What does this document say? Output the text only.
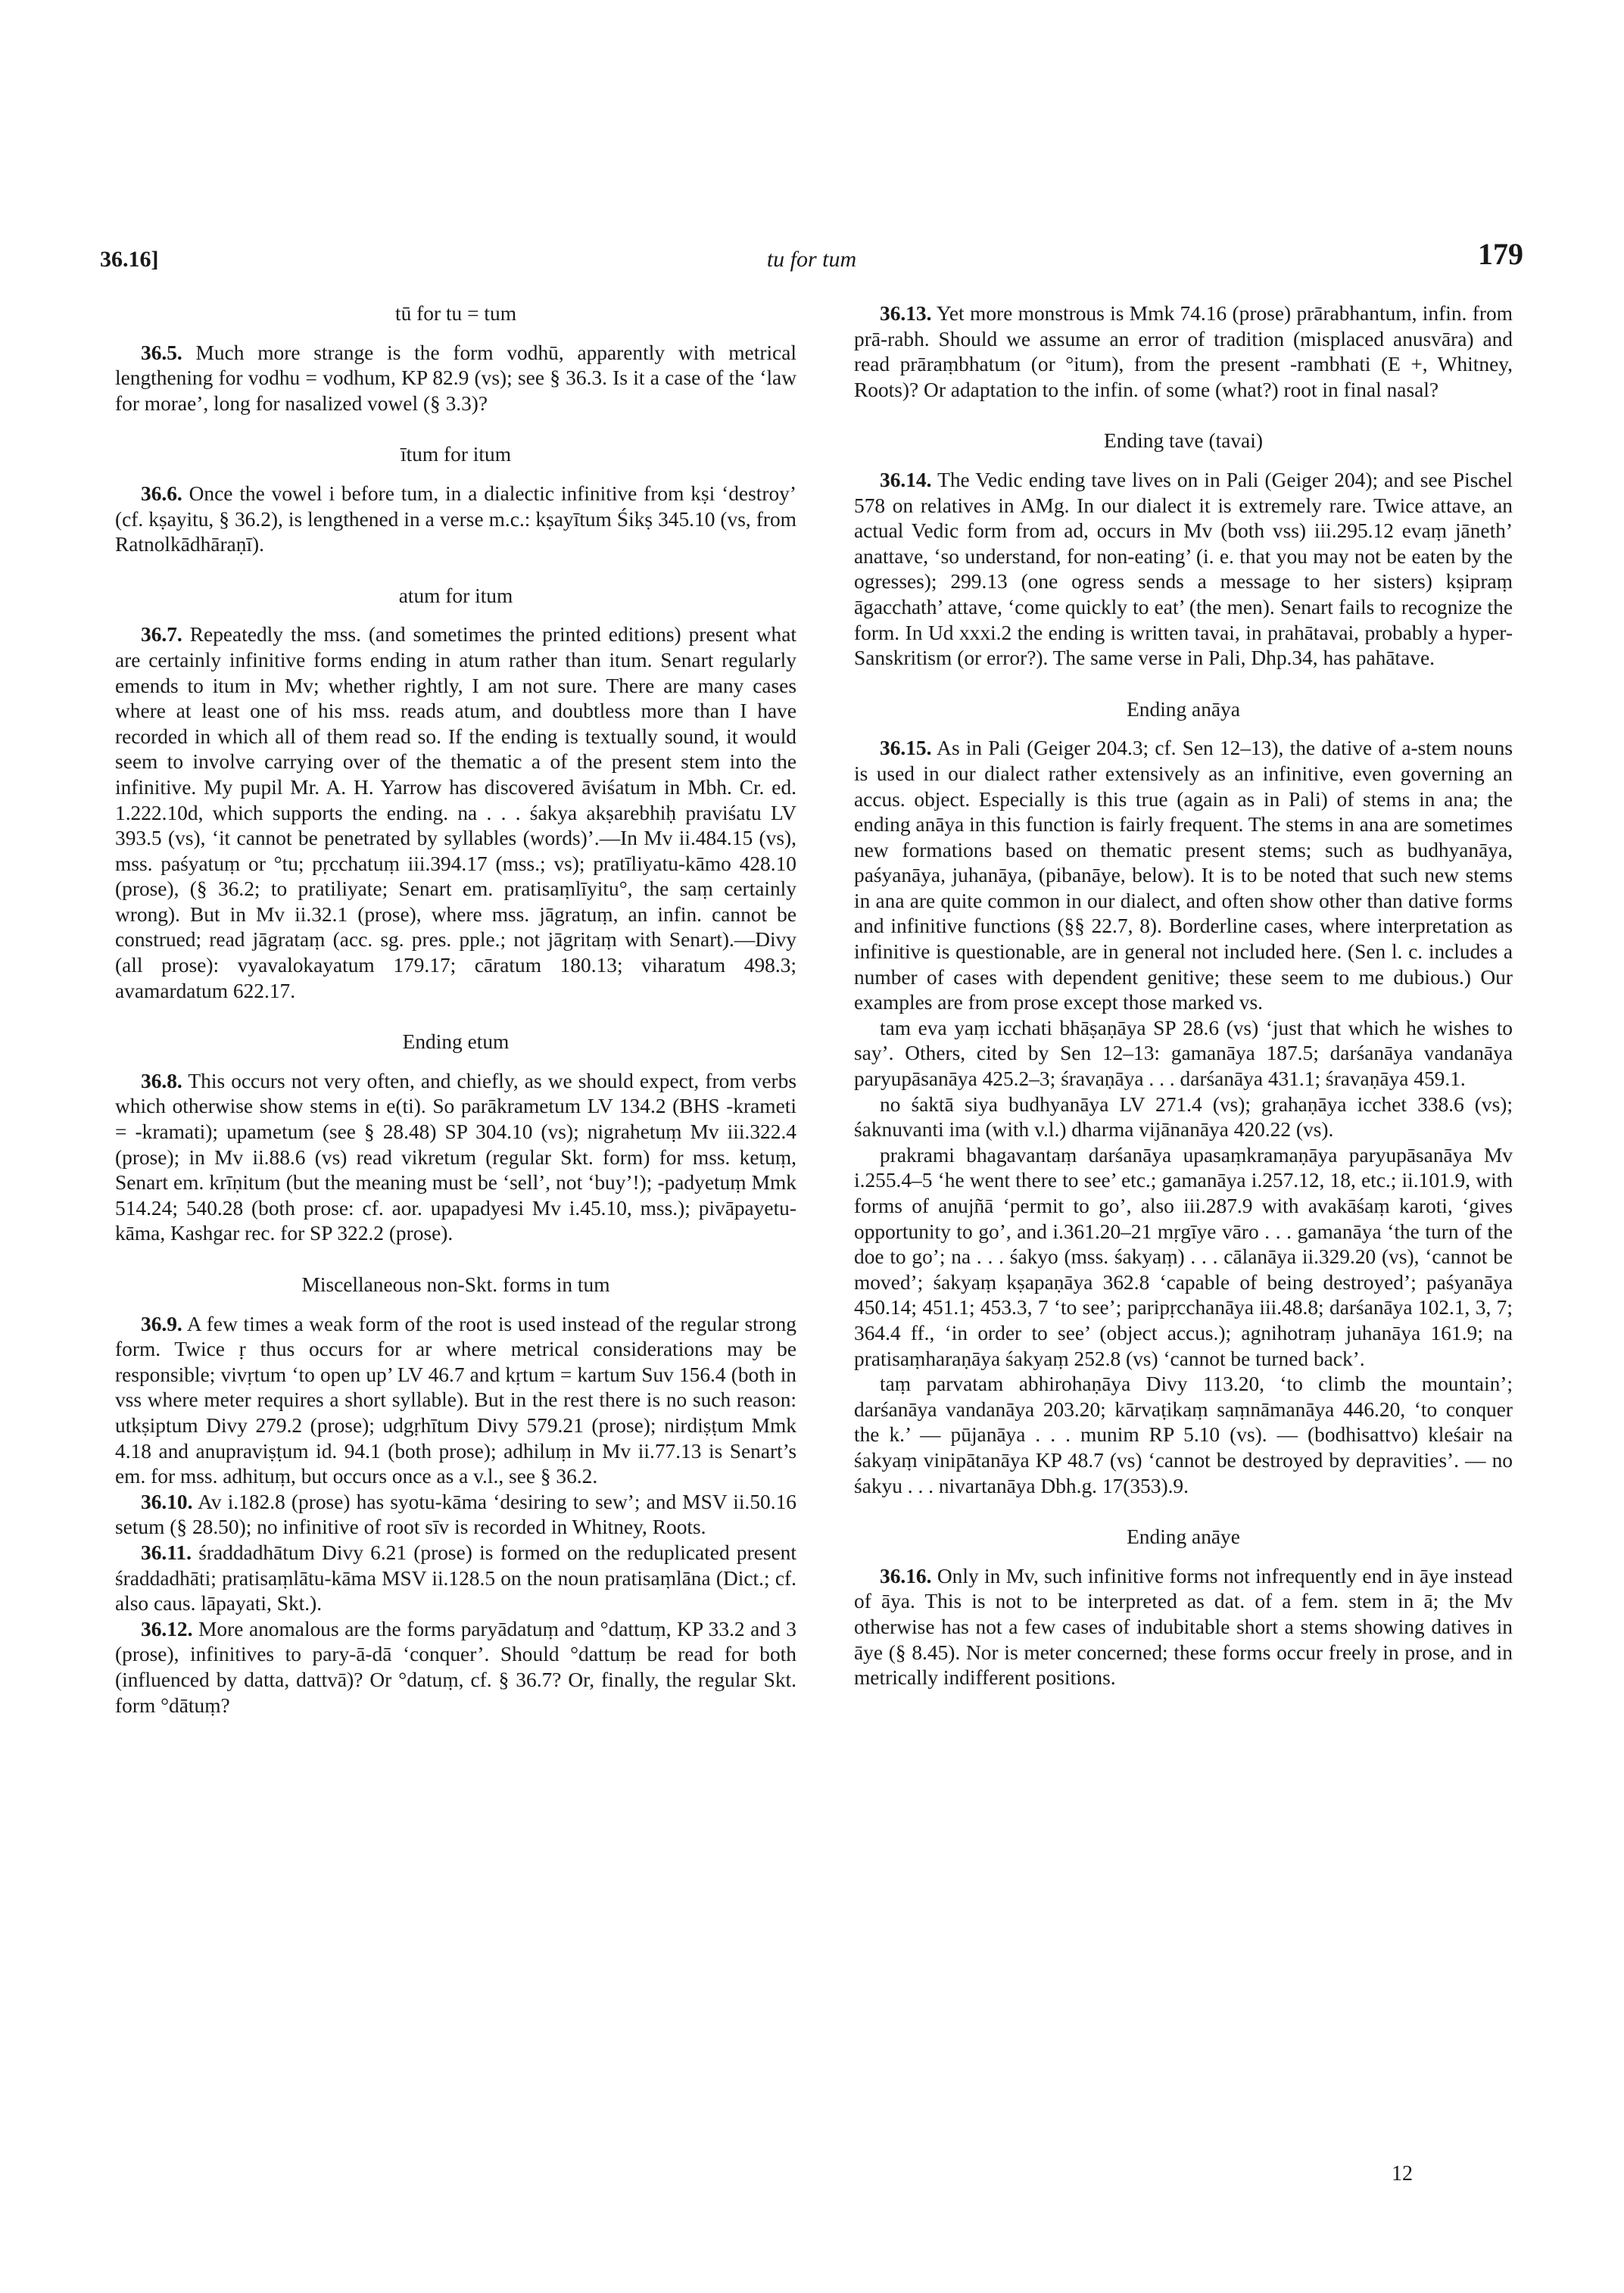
36.16]	tu for tum	179
tū for tu = tum

36.5. Much more strange is the form vodhū, apparently with metrical lengthening for vodhu = vodhum, KP 82.9 (vs); see § 36.3. Is it a case of the ‘law for morae’, long for nasalized vowel (§ 3.3)?

ītum for itum

36.6. Once the vowel i before tum, in a dialectic infinitive from kṣi ‘destroy’ (cf. kṣayitu, § 36.2), is lengthened in a verse m.c.: kṣayītum Śikṣ 345.10 (vs, from Ratnolkādhāraṇī).

atum for itum

36.7. Repeatedly the mss. (and sometimes the printed editions) present what are certainly infinitive forms ending in atum rather than itum. Senart regularly emends to itum in Mv; whether rightly, I am not sure. There are many cases where at least one of his mss. reads atum, and doubtless more than I have recorded in which all of them read so. If the ending is textually sound, it would seem to involve carrying over of the thematic a of the present stem into the infinitive. My pupil Mr. A. H. Yarrow has discovered āviśatum in Mbh. Cr. ed. 1.222.10d, which supports the ending. na . . . śakya akṣarebhiḥ praviśatu LV 393.5 (vs), ‘it cannot be penetrated by syllables (words)’.—In Mv ii.484.15 (vs), mss. paśyatuṃ or °tu; pṛcchatuṃ iii.394.17 (mss.; vs); pratīliyatu-kāmo 428.10 (prose), (§ 36.2; to pratiliyate; Senart em. pratisaṃlīyitu°, the saṃ certainly wrong). But in Mv ii.32.1 (prose), where mss. jāgratuṃ, an infin. cannot be construed; read jāgrataṃ (acc. sg. pres. pple.; not jāgritaṃ with Senart).—Divy (all prose): vyavalokayatum 179.17; cāratum 180.13; viharatum 498.3; avamardatum 622.17.

Ending etum

36.8. This occurs not very often, and chiefly, as we should expect, from verbs which otherwise show stems in e(ti). So parākrametum LV 134.2 (BHS -krameti = -kramati); upametum (see § 28.48) SP 304.10 (vs); nigrahetuṃ Mv iii.322.4 (prose); in Mv ii.88.6 (vs) read vikretum (regular Skt. form) for mss. ketuṃ, Senart em. krīṇitum (but the meaning must be ‘sell’, not ‘buy’!); -padyetuṃ Mmk 514.24; 540.28 (both prose: cf. aor. upapadyesi Mv i.45.10, mss.); pivāpayetu-kāma, Kashgar rec. for SP 322.2 (prose).

Miscellaneous non-Skt. forms in tum

36.9. A few times a weak form of the root is used instead of the regular strong form. Twice ṛ thus occurs for ar where metrical considerations may be responsible; vivṛtum ‘to open up’ LV 46.7 and kṛtum = kartum Suv 156.4 (both in vss where meter requires a short syllable). But in the rest there is no such reason: utkṣiptum Divy 279.2 (prose); udgṛhītum Divy 579.21 (prose); nirdiṣṭum Mmk 4.18 and anupraviṣṭum id. 94.1 (both prose); adhiluṃ in Mv ii.77.13 is Senart’s em. for mss. adhituṃ, but occurs once as a v.l., see § 36.2.

36.10. Av i.182.8 (prose) has syotu-kāma ‘desiring to sew’; and MSV ii.50.16 setum (§ 28.50); no infinitive of root sīv is recorded in Whitney, Roots.

36.11. śraddadhātum Divy 6.21 (prose) is formed on the reduplicated present śraddadhāti; pratisaṃlātu-kāma MSV ii.128.5 on the noun pratisaṃlāna (Dict.; cf. also caus. lāpayati, Skt.).

36.12. More anomalous are the forms paryādatuṃ and °dattuṃ, KP 33.2 and 3 (prose), infinitives to pary-ā-dā ‘conquer’. Should °dattuṃ be read for both (influenced by datta, dattvā)? Or °datuṃ, cf. § 36.7? Or, finally, the regular Skt. form °dātuṃ?

36.13. Yet more monstrous is Mmk 74.16 (prose) prārabhantum, infin. from prā-rabh. Should we assume an error of tradition (misplaced anusvāra) and read prāraṃbhatum (or °itum), from the present -rambhati (E +, Whitney, Roots)? Or adaptation to the infin. of some (what?) root in final nasal?

Ending tave (tavai)

36.14. The Vedic ending tave lives on in Pali (Geiger 204); and see Pischel 578 on relatives in AMg. In our dialect it is extremely rare. Twice attave, an actual Vedic form from ad, occurs in Mv (both vss) iii.295.12 evaṃ jāneth’ anattave, ‘so understand, for non-eating’ (i. e. that you may not be eaten by the ogresses); 299.13 (one ogress sends a message to her sisters) kṣipraṃ āgacchath’ attave, ‘come quickly to eat’ (the men). Senart fails to recognize the form. In Ud xxxi.2 the ending is written tavai, in prahātavai, probably a hyper-Sanskritism (or error?). The same verse in Pali, Dhp.34, has pahātave.

Ending anāya

36.15. As in Pali (Geiger 204.3; cf. Sen 12–13), the dative of a-stem nouns is used in our dialect rather extensively as an infinitive, even governing an accus. object. Especially is this true (again as in Pali) of stems in ana; the ending anāya in this function is fairly frequent. The stems in ana are sometimes new formations based on thematic present stems; such as budhyanāya, paśyanāya, juhanāya, (pibanāye, below). It is to be noted that such new stems in ana are quite common in our dialect, and often show other than dative forms and infinitive functions (§§ 22.7, 8). Borderline cases, where interpretation as infinitive is questionable, are in general not included here. (Sen l. c. includes a number of cases with dependent genitive; these seem to me dubious.) Our examples are from prose except those marked vs.

tam eva yaṃ icchati bhāṣaṇāya SP 28.6 (vs) ‘just that which he wishes to say’. Others, cited by Sen 12–13: gamanāya 187.5; darśanāya vandanāya paryupāsanāya 425.2–3; śravaṇāya . . . darśanāya 431.1; śravaṇāya 459.1.

no śaktā siya budhyanāya LV 271.4 (vs); grahaṇāya icchet 338.6 (vs); śaknuvanti ima (with v.l.) dharma vijānanāya 420.22 (vs).

prakrami bhagavantaṃ darśanāya upasaṃkramaṇāya paryupāsanāya Mv i.255.4–5 ‘he went there to see’ etc.; gamanāya i.257.12, 18, etc.; ii.101.9, with forms of anujñā ‘permit to go’, also iii.287.9 with avakāśaṃ karoti, ‘gives opportunity to go’, and i.361.20–21 mṛgīye vāro . . . gamanāya ‘the turn of the doe to go’; na . . . śakyo (mss. śakyaṃ) . . . cālanāya ii.329.20 (vs), ‘cannot be moved’; śakyaṃ kṣapaṇāya 362.8 ‘capable of being destroyed’; paśyanāya 450.14; 451.1; 453.3, 7 ‘to see’; paripṛcchanāya iii.48.8; darśanāya 102.1, 3, 7; 364.4 ff., ‘in order to see’ (object accus.); agnihotraṃ juhanāya 161.9; na pratisaṃharaṇāya śakyaṃ 252.8 (vs) ‘cannot be turned back’.

taṃ parvatam abhirohaṇāya Divy 113.20, ‘to climb the mountain’; darśanāya vandanāya 203.20; kārvaṭikaṃ saṃnāmanāya 446.20, ‘to conquer the k.’ — pūjanāya . . . munim RP 5.10 (vs). — (bodhisattvo) kleśair na śakyaṃ vinipātanāya KP 48.7 (vs) ‘cannot be destroyed by depravities’. — no śakyu . . . nivartanāya Dbh.g. 17(353).9.

Ending anāye

36.16. Only in Mv, such infinitive forms not infrequently end in āye instead of āya. This is not to be interpreted as dat. of a fem. stem in ā; the Mv otherwise has not a few cases of indubitable short a stems showing datives in āye (§ 8.45). Nor is meter concerned; these forms occur freely in prose, and in metrically indifferent positions.

12
